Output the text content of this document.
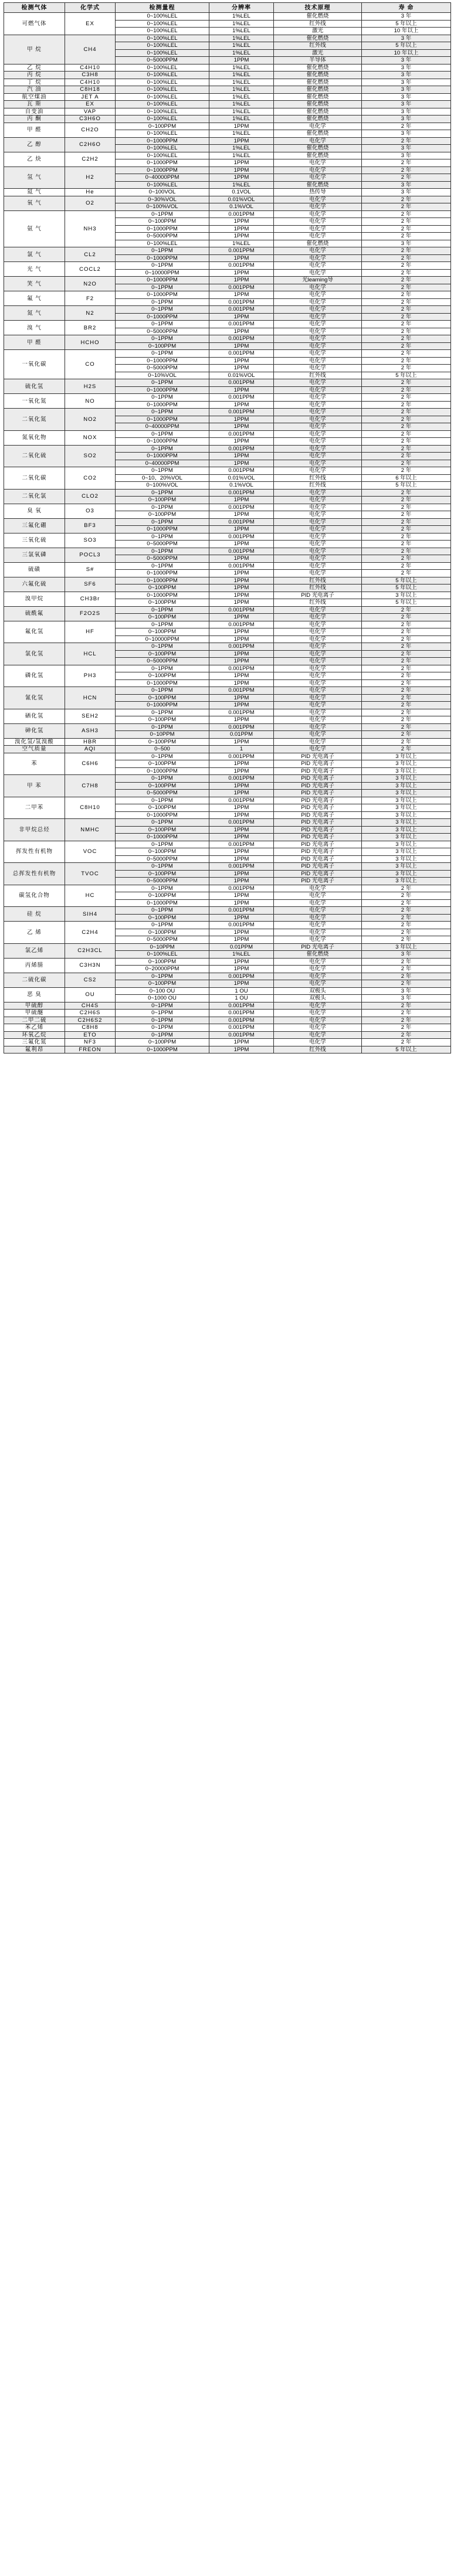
检测气体	化学式	检测量程	分辨率	技术原理	寿 命
可燃气体	EX	0~100%LEL	1%LEL	催化燃烧	3 年
		0~100%LEL	1%LEL	红外线	5 年以上
		0~100%LEL	1%LEL	激光	10 年以上
甲 烷	CH4	0~100%LEL	1%LEL	催化燃烧	3 年
		0~100%LEL	1%LEL	红外线	5 年以上
		0~100%LEL	1%LEL	激光	10 年以上
		0~5000PPM	1PPM	半导体	3 年
乙 烷	C4H10	0~100%LEL	1%LEL	催化燃烧	3 年
丙 烷	C3H8	0~100%LEL	1%LEL	催化燃烧	3 年
丁 烷	C4H10	0~100%LEL	1%LEL	催化燃烧	3 年
汽 油	C8H18	0~100%LEL	1%LEL	催化燃烧	3 年
航空煤油	JET A	0~100%LEL	1%LEL	催化燃烧	3 年
瓦 斯	EX	0~100%LEL	1%LEL	催化燃烧	3 年
自变油	VAP	0~100%LEL	1%LEL	催化燃烧	3 年
丙 酮	C3H6O	0~100%LEL	1%LEL	催化燃烧	3 年
甲 醛	CH2O	0~100PPM	1PPM	电化学	2 年
		0~100%LEL	1%LEL	催化燃烧	3 年
乙 醇	C2H6O	0~1000PPM	1PPM	电化学	2 年
		0~100%LEL	1%LEL	催化燃烧	3 年
乙 炔	C2H2	0~100%LEL	1%LEL	催化燃烧	3 年
		0~1000PPM	1PPM	电化学	2 年
氢 气	H2	0~1000PPM	1PPM	电化学	2 年
		0~40000PPM	1PPM	电化学	2 年
		0~100%LEL	1%LEL	催化燃烧	3 年
氦 气	He	0~100VOL	0.1VOL	热传导	3 年
氧 气	O2	0~30%VOL	0.01%VOL	电化学	2 年
		0~100%VOL	0.1%VOL	电化学	2 年
氨 气	NH3	0~1PPM	0.001PPM	电化学	2 年
		0~100PPM	1PPM	电化学	2 年
		0~1000PPM	1PPM	电化学	2 年
		0~5000PPM	1PPM	电化学	2 年
		0~100%LEL	1%LEL	催化燃烧	3 年
氯 气	CL2	0~1PPM	0.001PPM	电化学	2 年
		0~1000PPM	1PPM	电化学	2 年
光 气	COCL2	0~1PPM	0.001PPM	电化学	2 年
		0~10000PPM	1PPM	电化学	2 年
笑 气	N2O	0~1000PPM	1PPM	光learning导	2 年
		0~1PPM	0.001PPM	电化学	2 年
氟 气	F2	0~1000PPM	1PPM	电化学	2 年
		0~1PPM	0.001PPM	电化学	2 年
氮 气	N2	0~1PPM	0.001PPM	电化学	2 年
		0~1000PPM	1PPM	电化学	2 年
溴 气	BR2	0~1PPM	0.001PPM	电化学	2 年
		0~5000PPM	1PPM	电化学	2 年
甲 醛	HCHO	0~1PPM	0.001PPM	电化学	2 年
		0~100PPM	1PPM	电化学	2 年
一氧化碳	CO	0~1PPM	0.001PPM	电化学	2 年
		0~1000PPM	1PPM	电化学	2 年
		0~5000PPM	1PPM	电化学	2 年
		0~10%VOL	0.01%VOL	红外线	5 年以上
硫化氢	H2S	0~1PPM	0.001PPM	电化学	2 年
		0~1000PPM	1PPM	电化学	2 年
一氧化氮	NO	0~1PPM	0.001PPM	电化学	2 年
		0~1000PPM	1PPM	电化学	2 年
二氧化氮	NO2	0~1PPM	0.001PPM	电化学	2 年
		0~1000PPM	1PPM	电化学	2 年
		0~40000PPM	1PPM	电化学	2 年
氮氧化物	NOX	0~1PPM	0.001PPM	电化学	2 年
		0~1000PPM	1PPM	电化学	2 年
二氧化硫	SO2	0~1PPM	0.001PPM	电化学	2 年
		0~1000PPM	1PPM	电化学	2 年
		0~40000PPM	1PPM	电化学	2 年
二氧化碳	CO2	0~1PPM	0.001PPM	电化学	2 年
		0~10、20%VOL	0.01%VOL	红外线	6 年以上
		0~100%VOL	0.1%VOL	红外线	5 年以上
二氧化氯	CLO2	0~1PPM	0.001PPM	电化学	2 年
		0~100PPM	1PPM	电化学	2 年
臭 氧	O3	0~1PPM	0.001PPM	电化学	2 年
		0~100PPM	1PPM	电化学	2 年
三氟化硼	BF3	0~1PPM	0.001PPM	电化学	2 年
		0~1000PPM	1PPM	电化学	2 年
三氧化硫	SO3	0~1PPM	0.001PPM	电化学	2 年
		0~5000PPM	1PPM	电化学	2 年
三氯氧磷	POCL3	0~1PPM	0.001PPM	电化学	2 年
		0~5000PPM	1PPM	电化学	2 年
硫磺	S#	0~1PPM	0.001PPM	电化学	2 年
		0~1000PPM	1PPM	电化学	2 年
六氟化硫	SF6	0~1000PPM	1PPM	红外线	5 年以上
		0~100PPM	1PPM	红外线	5 年以上
溴甲烷	CH3Br	0~1000PPM	1PPM	PID 光电离子	3 年以上
		0~100PPM	1PPM	红外线	5 年以上
硫酰氟	F2O2S	0~1PPM	0.001PPM	电化学	2 年
		0~100PPM	1PPM	电化学	2 年
氟化氢	HF	0~1PPM	0.001PPM	电化学	2 年
		0~100PPM	1PPM	电化学	2 年
		0~10000PPM	1PPM	电化学	2 年
氯化氢	HCL	0~1PPM	0.001PPM	电化学	2 年
		0~100PPM	1PPM	电化学	2 年
		0~5000PPM	1PPM	电化学	2 年
磷化氢	PH3	0~1PPM	0.001PPM	电化学	2 年
		0~100PPM	1PPM	电化学	2 年
		0~1000PPM	1PPM	电化学	2 年
氰化氢	HCN	0~1PPM	0.001PPM	电化学	2 年
		0~100PPM	1PPM	电化学	2 年
		0~1000PPM	1PPM	电化学	2 年
硒化氢	SEH2	0~1PPM	0.001PPM	电化学	2 年
		0~100PPM	1PPM	电化学	2 年
砷化氢	ASH3	0~1PPM	0.001PPM	电化学	2 年
		0~10PPM	0.01PPM	电化学	2 年
溴化氢/氢溴酸	HBR	0~100PPM	1PPM	电化学	2 年
空气质量	AQI	0~500	1	电化学	2 年
苯	C6H6	0~1PPM	0.001PPM	PID 光电离子	3 年以上
		0~100PPM	1PPM	PID 光电离子	3 年以上
		0~1000PPM	1PPM	PID 光电离子	3 年以上
甲 苯	C7H8	0~1PPM	0.001PPM	PID 光电离子	3 年以上
		0~100PPM	1PPM	PID 光电离子	3 年以上
		0~5000PPM	1PPM	PID 光电离子	3 年以上
二甲苯	C8H10	0~1PPM	0.001PPM	PID 光电离子	3 年以上
		0~100PPM	1PPM	PID 光电离子	3 年以上
		0~1000PPM	1PPM	PID 光电离子	3 年以上
非甲烷总烃	NMHC	0~1PPM	0.001PPM	PID 光电离子	3 年以上
		0~100PPM	1PPM	PID 光电离子	3 年以上
		0~1000PPM	1PPM	PID 光电离子	3 年以上
挥发性有机物	VOC	0~1PPM	0.001PPM	PID 光电离子	3 年以上
		0~100PPM	1PPM	PID 光电离子	3 年以上
		0~5000PPM	1PPM	PID 光电离子	3 年以上
总挥发性有机物	TVOC	0~1PPM	0.001PPM	PID 光电离子	3 年以上
		0~100PPM	1PPM	PID 光电离子	3 年以上
		0~5000PPM	1PPM	PID 光电离子	3 年以上
碳氢化合物	HC	0~1PPM	0.001PPM	电化学	2 年
		0~100PPM	1PPM	电化学	2 年
		0~1000PPM	1PPM	电化学	2 年
硅 烷	SIH4	0~1PPM	0.001PPM	电化学	2 年
		0~100PPM	1PPM	电化学	2 年
乙 烯	C2H4	0~1PPM	0.001PPM	电化学	2 年
		0~100PPM	1PPM	电化学	2 年
		0~5000PPM	1PPM	电化学	2 年
氯乙烯	C2H3CL	0~10PPM	0.01PPM	PID 光电离子	3 年以上
		0~100%LEL	1%LEL	催化燃烧	3 年
丙烯腈	C3H3N	0~100PPM	1PPM	电化学	2 年
		0~20000PPM	1PPM	电化学	2 年
二硫化碳	CS2	0~1PPM	0.001PPM	电化学	2 年
		0~100PPM	1PPM	电化学	2 年
恶 臭	OU	0~100 OU	1 OU	双极头	3 年
		0~1000 OU	1 OU	双极头	3 年
甲硫醇	CH4S	0~1PPM	0.001PPM	电化学	2 年
甲硫醚	C2H6S	0~1PPM	0.001PPM	电化学	2 年
二甲二硫	C2H6S2	0~1PPM	0.001PPM	电化学	2 年
苯乙烯	C8H8	0~1PPM	0.001PPM	电化学	2 年
环氧乙烷	ETO	0~1PPM	0.001PPM	电化学	2 年
三氟化氮	NF3	0~100PPM	1PPM	电化学	2 年
氟利昂	FREON	0~1000PPM	1PPM	红外线	5 年以上
